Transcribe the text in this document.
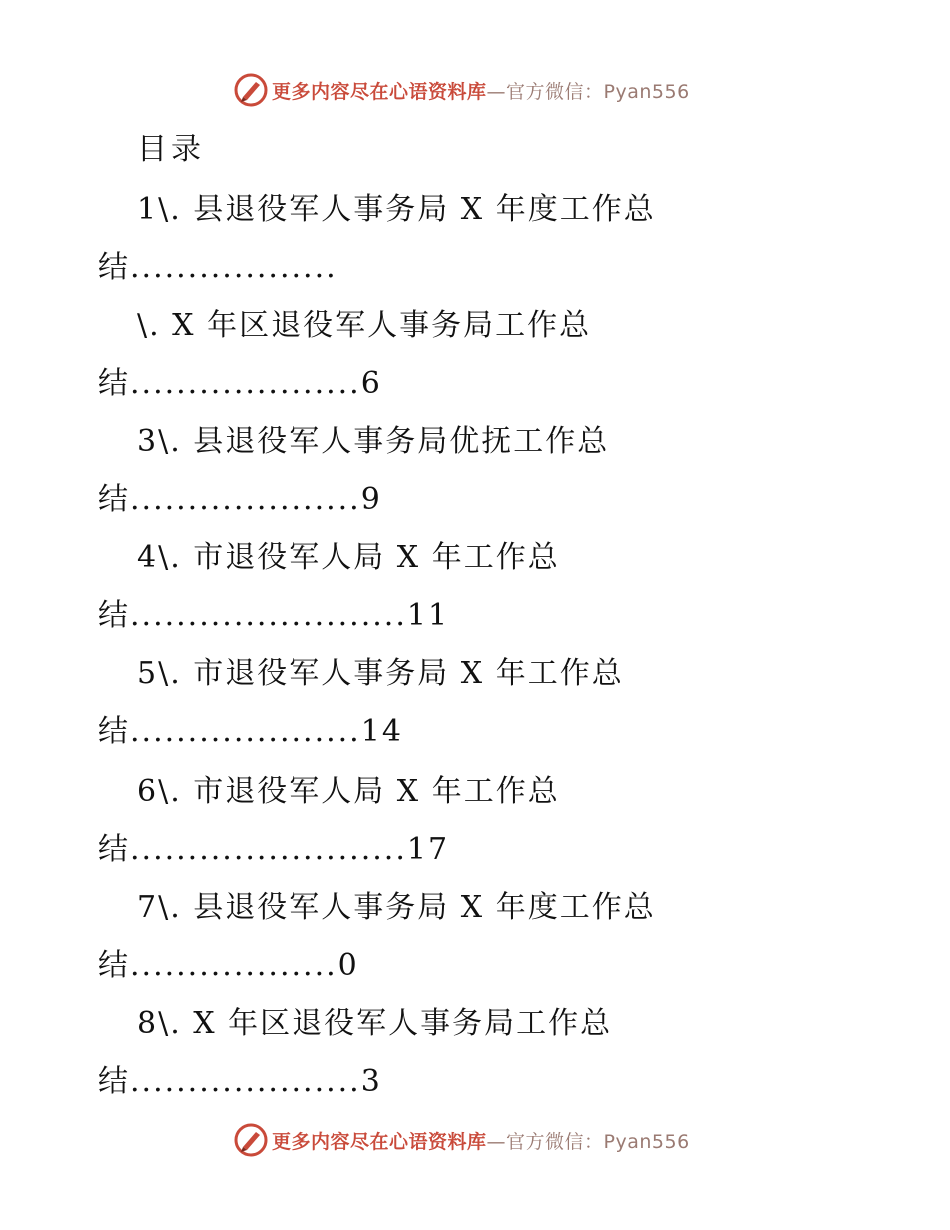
更多内容尽在心语资料库—官方微信：Pyan556
目录
1\. 县退役军人事务局 X 年度工作总
结..................
\. X 年区退役军人事务局工作总
结....................6
3\. 县退役军人事务局优抚工作总
结....................9
4\. 市退役军人局 X 年工作总
结........................11
5\. 市退役军人事务局 X 年工作总
结....................14
6\. 市退役军人局 X 年工作总
结........................17
7\. 县退役军人事务局 X 年度工作总
结..................0
8\. X 年区退役军人事务局工作总
结....................3
更多内容尽在心语资料库—官方微信：Pyan556
